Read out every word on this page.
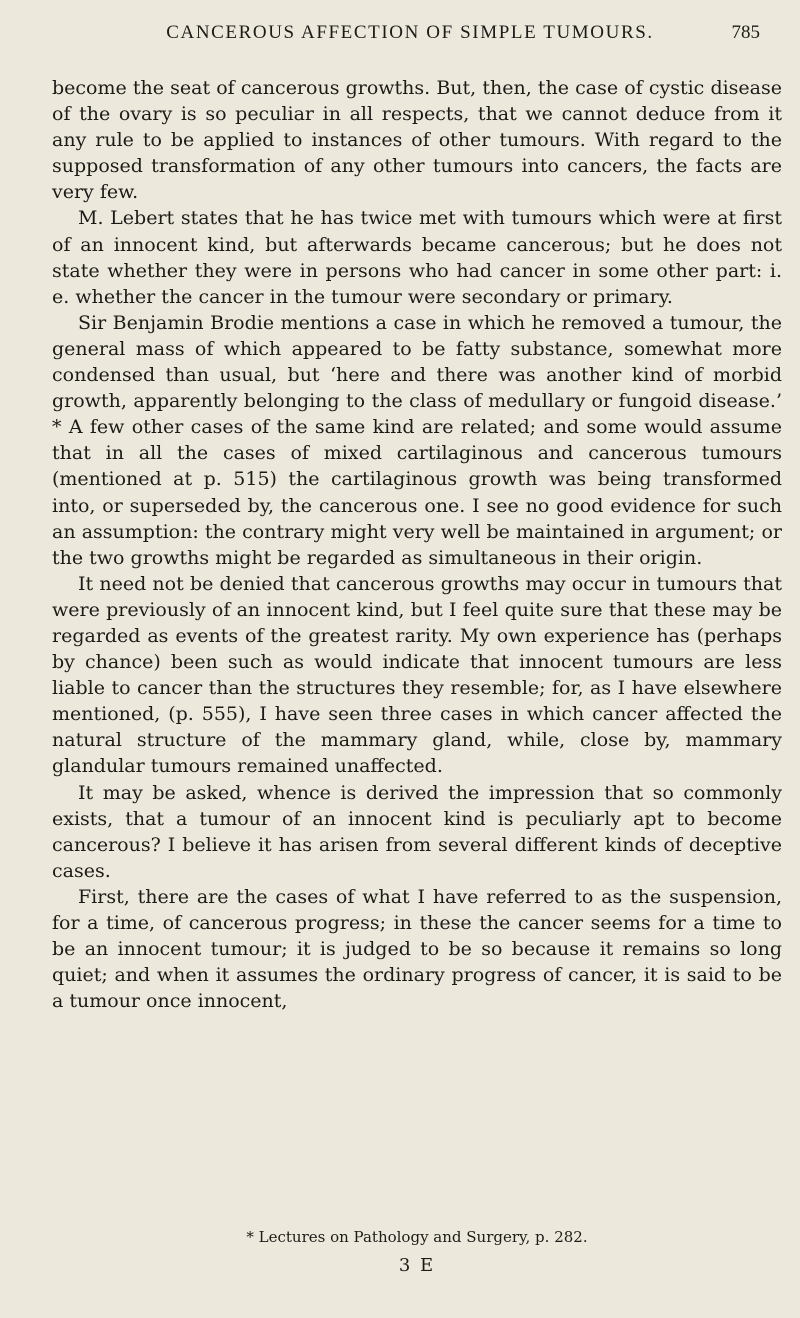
CANCEROUS AFFECTION OF SIMPLE TUMOURS.	785

become the seat of cancerous growths. But, then, the case of cystic disease of the ovary is so peculiar in all respects, that we cannot deduce from it any rule to be applied to instances of other tumours. With regard to the supposed transformation of any other tumours into cancers, the facts are very few.

M. Lebert states that he has twice met with tumours which were at first of an innocent kind, but afterwards became cancerous; but he does not state whether they were in persons who had cancer in some other part: i. e. whether the cancer in the tumour were secondary or primary.

Sir Benjamin Brodie mentions a case in which he removed a tumour, the general mass of which appeared to be fatty substance, somewhat more condensed than usual, but ‘here and there was another kind of morbid growth, apparently belonging to the class of medullary or fungoid disease.’ * A few other cases of the same kind are related; and some would assume that in all the cases of mixed cartilaginous and cancerous tumours (mentioned at p. 515) the cartilaginous growth was being transformed into, or superseded by, the cancerous one. I see no good evidence for such an assumption: the contrary might very well be maintained in argument; or the two growths might be regarded as simultaneous in their origin.

It need not be denied that cancerous growths may occur in tumours that were previously of an innocent kind, but I feel quite sure that these may be regarded as events of the greatest rarity. My own experience has (perhaps by chance) been such as would indicate that innocent tumours are less liable to cancer than the structures they resemble; for, as I have elsewhere mentioned, (p. 555), I have seen three cases in which cancer affected the natural structure of the mammary gland, while, close by, mammary glandular tumours remained unaffected.

It may be asked, whence is derived the impression that so commonly exists, that a tumour of an innocent kind is peculiarly apt to become cancerous? I believe it has arisen from several different kinds of deceptive cases.

First, there are the cases of what I have referred to as the suspension, for a time, of cancerous progress; in these the cancer seems for a time to be an innocent tumour; it is judged to be so because it remains so long quiet; and when it assumes the ordinary progress of cancer, it is said to be a tumour once innocent,

* Lectures on Pathology and Surgery, p. 282.
3 E
